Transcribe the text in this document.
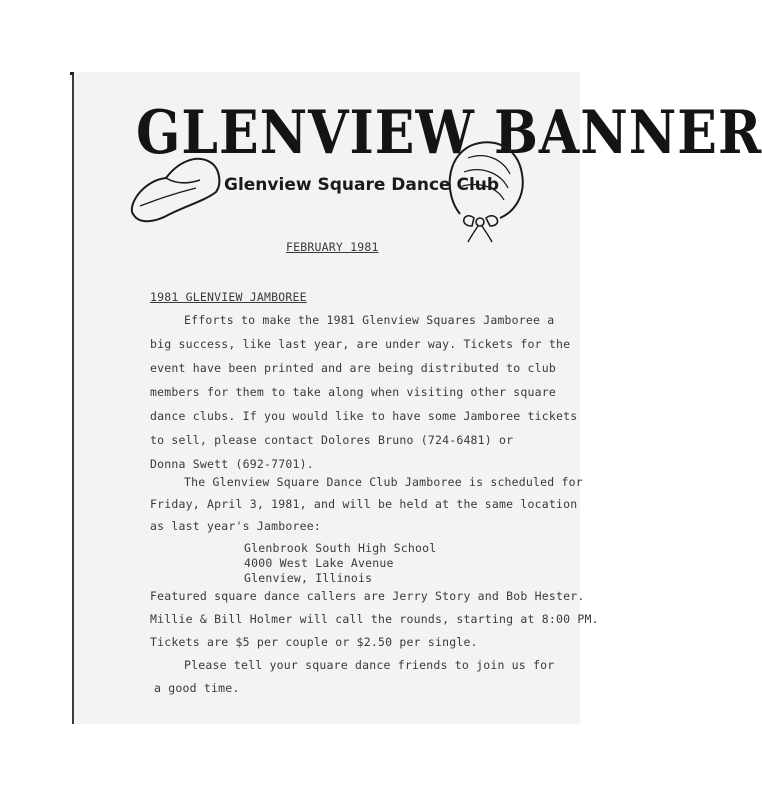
GLENVIEW BANNER
Glenview Square Dance Club
FEBRUARY 1981
1981 GLENVIEW JAMBOREE
Efforts to make the 1981 Glenview Squares Jamboree a
big success, like last year, are under way. Tickets for the
event have been printed and are being distributed to club
members for them to take along when visiting other square
dance clubs. If you would like to have some Jamboree tickets
to sell, please contact Dolores Bruno (724-6481) or
Donna Swett (692-7701).
The Glenview Square Dance Club Jamboree is scheduled for
Friday, April 3, 1981, and will be held at the same location
as last year's Jamboree:
Glenbrook South High School
4000 West Lake Avenue
Glenview, Illinois
Featured square dance callers are Jerry Story and Bob Hester.
Millie & Bill Holmer will call the rounds, starting at 8:00 PM.
Tickets are $5 per couple or $2.50 per single.
Please tell your square dance friends to join us for
a good time.
